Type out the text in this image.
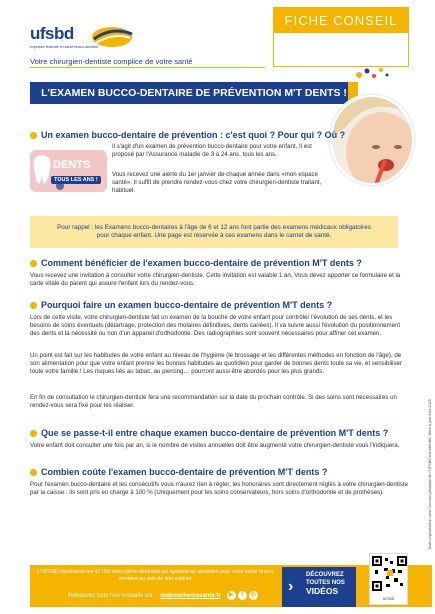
ufsbd
expertise fédérale en santé bucco-dentaire
Votre chirurgien-dentiste complice de votre santé
FICHE CONSEIL
L'EXAMEN BUCCO-DENTAIRE DE PRÉVENTION M'T DENTS !
Un examen bucco-dentaire de prévention : c'est quoi ? Pour qui ? Où ?
DENTS
TOUS LES ANS !
Il s'agit d'un examen de prévention bucco-dentaire pour votre enfant. Il est proposé par l'Assurance maladie de 3 à 24 ans, tous les ans.
Vous recevez une alerte du 1er janvier de chaque année dans «mon espace santé». Il suffit de prendre rendez-vous chez votre chirurgien-dentiste traitant, habituel.
Pour rappel : les Examens bucco-dentaires à l'âge de 6 et 12 ans font partie des examens médicaux obligatoires pour chaque enfant. Une page est réservée à ces examens dans le carnet de santé.
Comment bénéficier de l'examen bucco-dentaire de prévention M'T dents ?
Vous recevez une invitation à consulter votre chirurgien-dentiste. Cette invitation est valable 1 an. Vous devez apporter ce formulaire et la carte vitale du parent qui assure l'enfant lors du rendez-vous.
Pourquoi faire un examen bucco-dentaire de prévention M'T dents ?
Lors de cette visite, votre chirurgien-dentiste fait un examen de la bouche de votre enfant pour contrôler l'évolution de ses dents, et les besoins de soins éventuels (détartrage, protection des molaires définitives, dents cariées). Il va suivre aussi l'évolution du positionnement des dents et la nécessité ou non d'un appareil d'orthodontie. Des radiographies sont souvent nécessaires pour affiner cet examen.
Un point est fait sur les habitudes de votre enfant au niveau de l'hygiène (le brossage et les différentes méthodes en fonction de l'âge), de son alimentation pour que votre enfant prenne les bonnes habitudes au quotidien pour garder de bonnes dents toute sa vie, et sensibiliser toute votre famille ! Les risques liés au tabac, au piercing… pourront aussi être abordés pour les plus grands.
En fin de consultation le chirurgien-dentiste fera une recommandation sur la date du prochain contrôle. Si des soins sont nécessaires un rendez-vous sera fixé pour les réaliser.
Que se passe-t-il entre chaque examen bucco-dentaire de prévention M'T dents ?
Votre enfant doit consulter une fois par an, si le nombre de visites annuelles doit être augmenté votre chirurgien-dentiste vous l'indiquera.
Combien coûte l'examen bucco-dentaire de prévention M'T dents ?
Pour l'examen bucco-dentaire et les consécutifs vous n'aurez rien à régler, les honoraires sont directement réglés à votre chirurgien-dentiste par la caisse : ils sont pris en charge à 100 % (Uniquement pour les soins conservateurs, hors soins d'orthodontie et de prothèses).	Toute reproduction sans l'accord préalable de l'UFSBD est interdite. Mise à jour avril 2025
L'UFSBD représente les 47 000 chirurgiens-dentistes qui agissent au quotidien pour votre santé bucco-dentaire au sein de leur cabinet.
Retrouvez tous nos conseils sur : mabouchemasante.fr	▶	f	◎ ›
DÉCOUVREZ
TOUTES NOS
VIDÉOS
UFSBD
